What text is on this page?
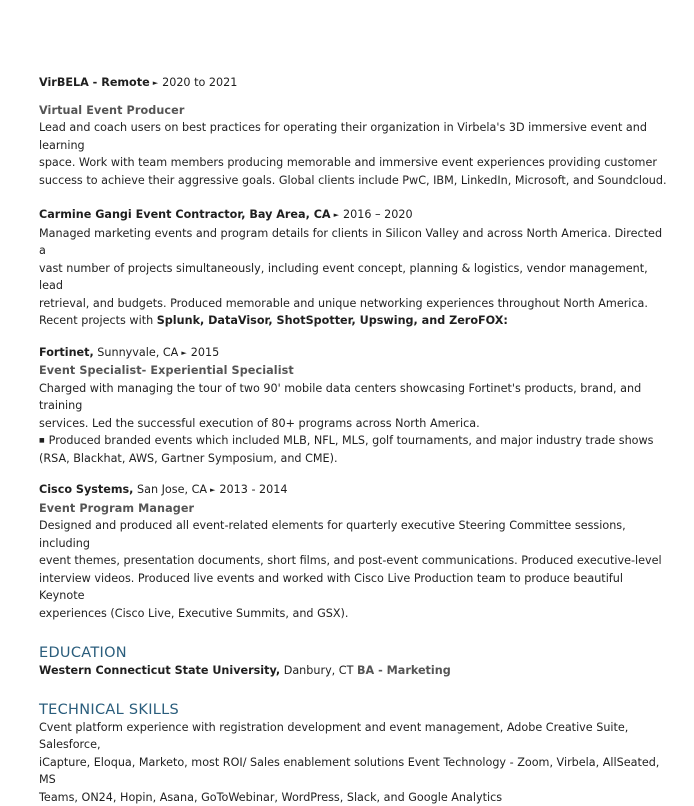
VirBELA - Remote ► 2020 to 2021
Virtual Event Producer
Lead and coach users on best practices for operating their organization in Virbela's 3D immersive event and learning
space. Work with team members producing memorable and immersive event experiences providing customer
success to achieve their aggressive goals. Global clients include PwC, IBM, LinkedIn, Microsoft, and Soundcloud.
Carmine Gangi Event Contractor, Bay Area, CA ► 2016 – 2020
Managed marketing events and program details for clients in Silicon Valley and across North America. Directed a
vast number of projects simultaneously, including event concept, planning & logistics, vendor management, lead
retrieval, and budgets. Produced memorable and unique networking experiences throughout North America.
Recent projects with Splunk, DataVisor, ShotSpotter, Upswing, and ZeroFOX:
Fortinet, Sunnyvale, CA ► 2015
Event Specialist- Experiential Specialist
Charged with managing the tour of two 90' mobile data centers showcasing Fortinet's products, brand, and training
services. Led the successful execution of 80+ programs across North America.
■ Produced branded events which included MLB, NFL, MLS, golf tournaments, and major industry trade shows
(RSA, Blackhat, AWS, Gartner Symposium, and CME).
Cisco Systems, San Jose, CA ► 2013 - 2014
Event Program Manager
Designed and produced all event-related elements for quarterly executive Steering Committee sessions, including
event themes, presentation documents, short films, and post-event communications. Produced executive-level
interview videos. Produced live events and worked with Cisco Live Production team to produce beautiful Keynote
experiences (Cisco Live, Executive Summits, and GSX).
EDUCATION
Western Connecticut State University, Danbury, CT BA - Marketing
TECHNICAL SKILLS
Cvent platform experience with registration development and event management, Adobe Creative Suite, Salesforce,
iCapture, Eloqua, Marketo, most ROI/ Sales enablement solutions Event Technology - Zoom, Virbela, AllSeated, MS
Teams, ON24, Hopin, Asana, GoToWebinar, WordPress, Slack, and Google Analytics
